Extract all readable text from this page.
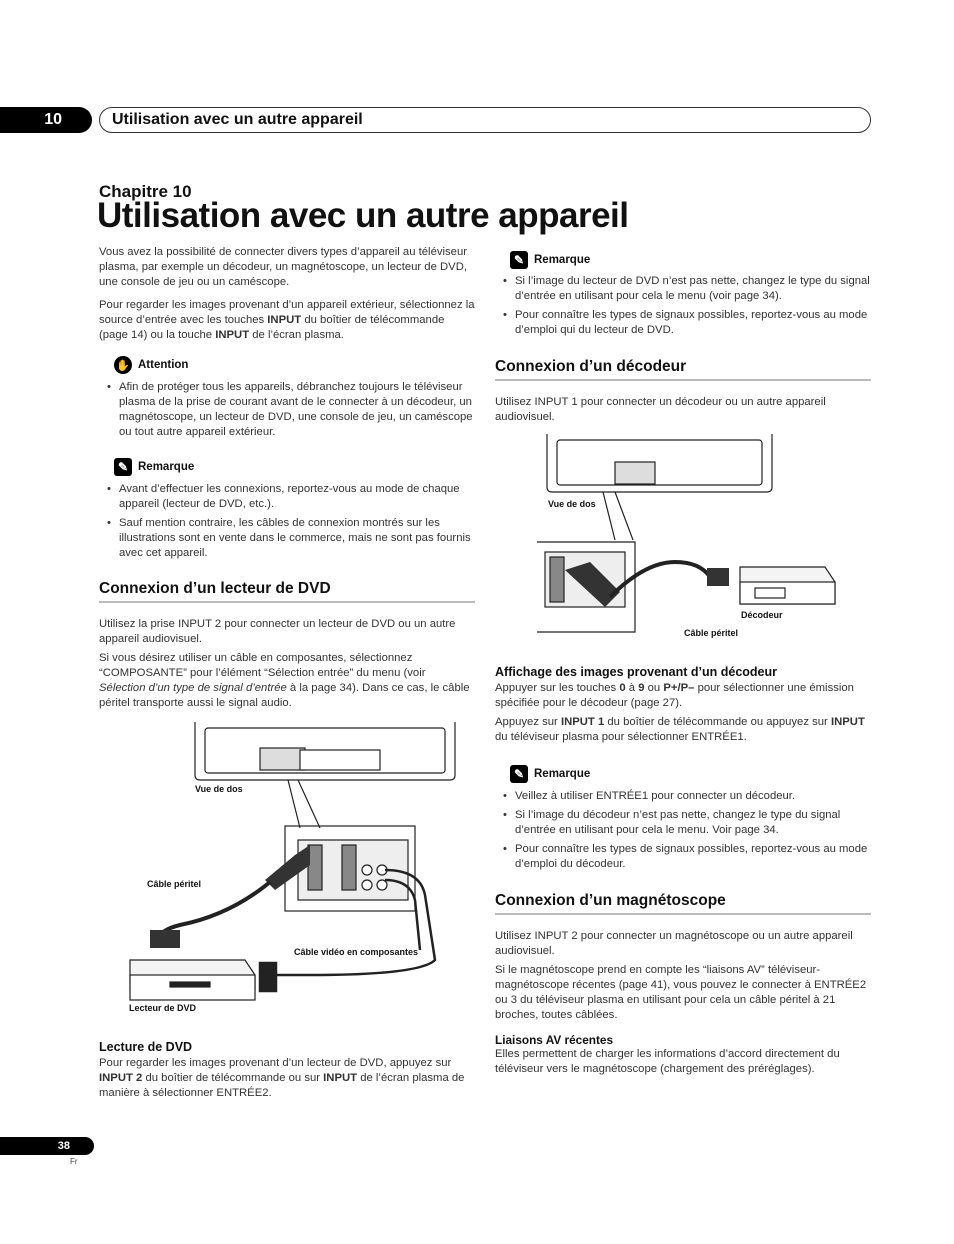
10	Utilisation avec un autre appareil
Chapitre 10
Utilisation avec un autre appareil

Vous avez la possibilité de connecter divers types d’appareil au téléviseur plasma, par exemple un décodeur, un magnétoscope, un lecteur de DVD, une console de jeu ou un caméscope.

Pour regarder les images provenant d’un appareil extérieur, sélectionnez la source d’entrée avec les touches INPUT du boîtier de télécommande (page 14) ou la touche INPUT de l’écran plasma.

✋ Attention
• Afin de protéger tous les appareils, débranchez toujours le téléviseur plasma de la prise de courant avant de le connecter à un décodeur, un magnétoscope, un lecteur de DVD, une console de jeu, un caméscope ou tout autre appareil extérieur.
✎ Remarque
• Avant d’effectuer les connexions, reportez-vous au mode de chaque appareil (lecteur de DVD, etc.).
• Sauf mention contraire, les câbles de connexion montrés sur les illustrations sont en vente dans le commerce, mais ne sont pas fournis avec cet appareil.
Connexion d’un lecteur de DVD

Utilisez la prise INPUT 2 pour connecter un lecteur de DVD ou un autre appareil audiovisuel.

Si vous désirez utiliser un câble en composantes, sélectionnez “COMPOSANTE” pour l’élément “Sélection entrée” du menu (voir Sélection d’un type de signal d’entrée à la page 34). Dans ce cas, le câble péritel transporte aussi le signal audio.

Vue de dos
Câble péritel
Câble vidéo en composantes
Lecteur de DVD
Lecture de DVD

Pour regarder les images provenant d’un lecteur de DVD, appuyez sur INPUT 2 du boîtier de télécommande ou sur INPUT de l’écran plasma de manière à sélectionner ENTRÉE2.

✎ Remarque
• Si l’image du lecteur de DVD n’est pas nette, changez le type du signal d’entrée en utilisant pour cela le menu (voir page 34).
• Pour connaître les types de signaux possibles, reportez-vous au mode d’emploi qui du lecteur de DVD.
Connexion d’un décodeur

Utilisez INPUT 1 pour connecter un décodeur ou un autre appareil audiovisuel.

Vue de dos
Décodeur
Câble péritel
Affichage des images provenant d’un décodeur

Appuyer sur les touches 0 à 9 ou P+/P– pour sélectionner une émission spécifiée pour le décodeur (page 27).

Appuyez sur INPUT 1 du boîtier de télécommande ou appuyez sur INPUT du téléviseur plasma pour sélectionner ENTRÉE1.

✎ Remarque
• Veillez à utiliser ENTRÉE1 pour connecter un décodeur.
• Si l’image du décodeur n’est pas nette, changez le type du signal d’entrée en utilisant pour cela le menu. Voir page 34.
• Pour connaître les types de signaux possibles, reportez-vous au mode d’emploi du décodeur.
Connexion d’un magnétoscope

Utilisez INPUT 2 pour connecter un magnétoscope ou un autre appareil audiovisuel.

Si le magnétoscope prend en compte les “liaisons AV” téléviseur-magnétoscope récentes (page 41), vous pouvez le connecter à ENTRÉE2 ou 3 du téléviseur plasma en utilisant pour cela un câble péritel à 21 broches, toutes câblées.

Liaisons AV récentes

Elles permettent de charger les informations d’accord directement du téléviseur vers le magnétoscope (chargement des préréglages).

38
Fr
